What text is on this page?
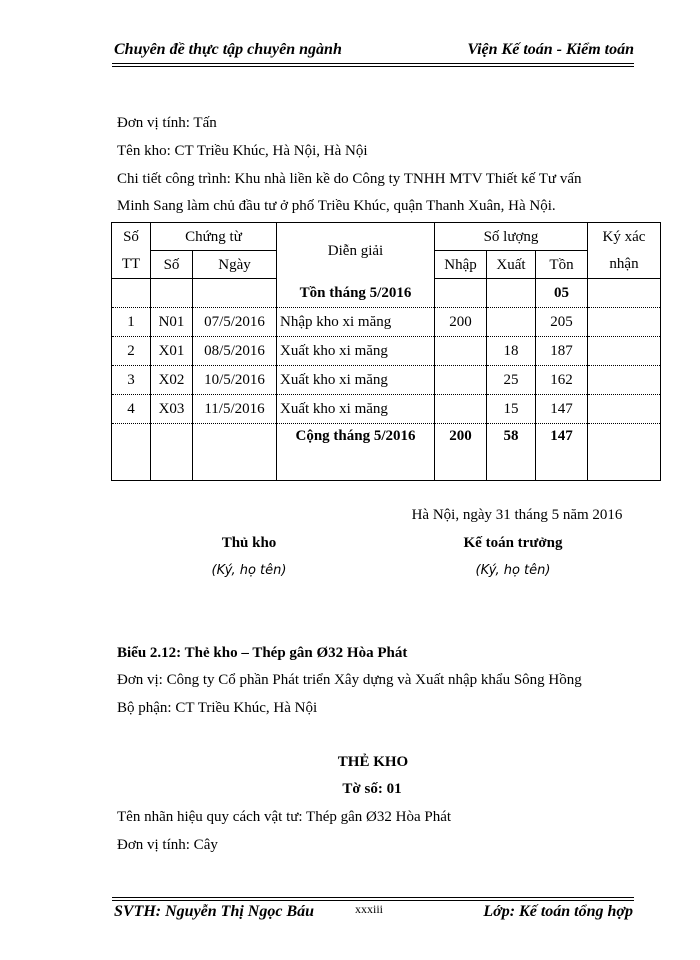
Chuyên đề thực tập chuyên ngành	Viện Kế toán - Kiểm toán
Đơn vị tính: Tấn
Tên kho: CT Triều Khúc, Hà Nội, Hà Nội
Chi tiết công trình: Khu nhà liền kề do Công ty TNHH MTV Thiết kế Tư vấn
Minh Sang làm chủ đầu tư ở phố Triều Khúc, quận Thanh Xuân, Hà Nội.
Số	Chứng từ		Diễn giải	Số lượng			Ký xác
TT	Số	Ngày		Nhập	Xuất	Tồn	nhận
			Tồn tháng 5/2016			05	
1	N01	07/5/2016	Nhập kho xi măng	200		205	
2	X01	08/5/2016	Xuất kho xi măng		18	187	
3	X02	10/5/2016	Xuất kho xi măng		25	162	
4	X03	11/5/2016	Xuất kho xi măng		15	147	
			Cộng tháng 5/2016	200	58	147	
Hà Nội, ngày 31 tháng 5 năm 2016
Thủ kho
(Ký, họ tên)
Kế toán trưởng
(Ký, họ tên)
Biểu 2.12: Thẻ kho – Thép gân Ø32 Hòa Phát
Đơn vị: Công ty Cổ phần Phát triển Xây dựng và Xuất nhập khẩu Sông Hồng
Bộ phận: CT Triều Khúc, Hà Nội
THẺ KHO
Tờ số: 01
Tên nhãn hiệu quy cách vật tư: Thép gân Ø32 Hòa Phát
Đơn vị tính: Cây
SVTH: Nguyễn Thị Ngọc Báu	xxxiii	Lớp: Kế toán tổng hợp
